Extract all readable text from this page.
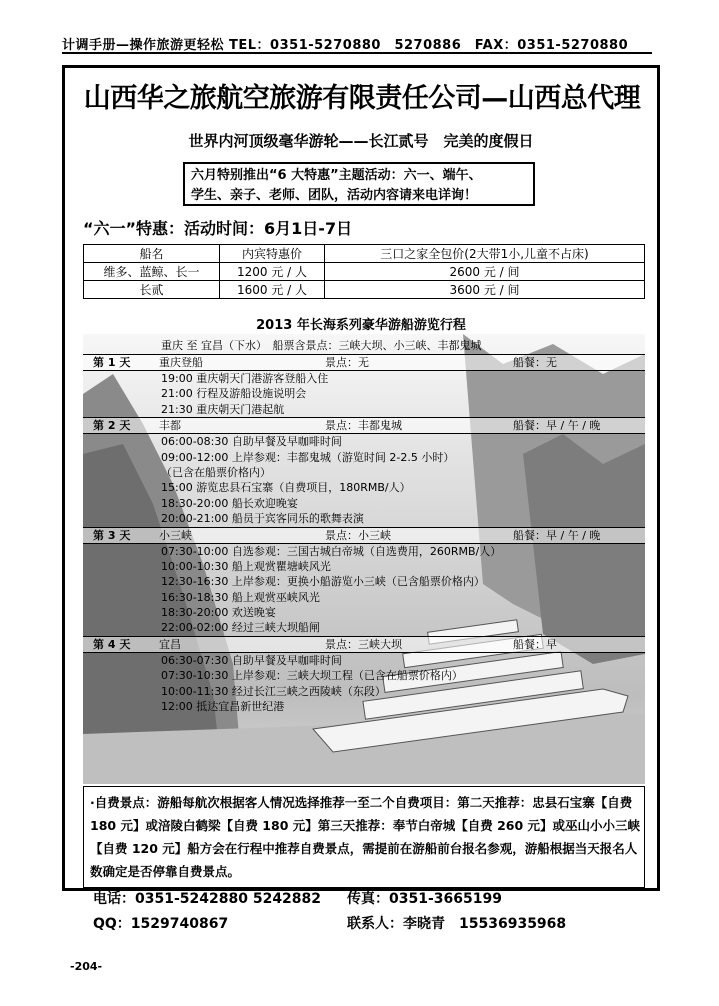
计调手册—操作旅游更轻松 TEL：0351-5270880　5270886　FAX：0351-5270880
山西华之旅航空旅游有限责任公司—山西总代理
世界内河顶级毫华游轮——长江贰号　完美的度假日
六月特别推出“6 大特惠”主题活动：六一、端午、
学生、亲子、老师、团队，活动内容请来电详询！
“六一”特惠：活动时间：6月1日-7日
船名	内宾特惠价	三口之家全包价(2大带1小,儿童不占床)
维多、蓝鲸、长一	1200 元 / 人	2600 元 / 间
长贰	1600 元 / 人	3600 元 / 间
2013 年长海系列豪华游船游览行程
重庆 至 宜昌（下水）　船票含景点：三峡大坝、小三峡、丰都鬼城
第 1 天	重庆登船	景点：无	船餐：无
19:00 重庆朝天门港游客登船入住
21:00 行程及游船设施说明会
21:30 重庆朝天门港起航
第 2 天	丰都	景点：丰都鬼城	船餐：早 / 午 / 晚
06:00-08:30 自助早餐及早咖啡时间
09:00-12:00 上岸参观：丰都鬼城（游览时间 2-2.5 小时）
（已含在船票价格内）
15:00 游览忠县石宝寨（自费项目，180RMB/人）
18:30-20:00 船长欢迎晚宴
20:00-21:00 船员于宾客同乐的歌舞表演
第 3 天	小三峡	景点：小三峡	船餐：早 / 午 / 晚
07:30-10:00 自选参观：三国古城白帝城（自选费用，260RMB/人）
10:00-10:30 船上观赏瞿塘峡风光
12:30-16:30 上岸参观：更换小船游览小三峡（已含船票价格内）
16:30-18:30 船上观赏巫峡风光
18:30-20:00 欢送晚宴
22:00-02:00 经过三峡大坝船闸
第 4 天	宜昌	景点：三峡大坝	船餐：早
06:30-07:30 自助早餐及早咖啡时间
07:30-10:30 上岸参观：三峡大坝工程（已含在船票价格内）
10:00-11:30 经过长江三峡之西陵峡（东段）
12:00 抵达宜昌新世纪港
·自费景点：游船每航次根据客人情况选择推荐一至二个自费项目：第二天推荐：忠县石宝寨【自费 180 元】或涪陵白鹤梁【自费 180 元】第三天推荐：奉节白帝城【自费 260 元】或巫山小小三峡【自费 120 元】船方会在行程中推荐自费景点，需提前在游船前台报名参观，游船根据当天报名人数确定是否停靠自费景点。
电话：0351-5242880 5242882 传真：0351-3665199
QQ：1529740867	联系人：李晓青　15536935968
-204-
